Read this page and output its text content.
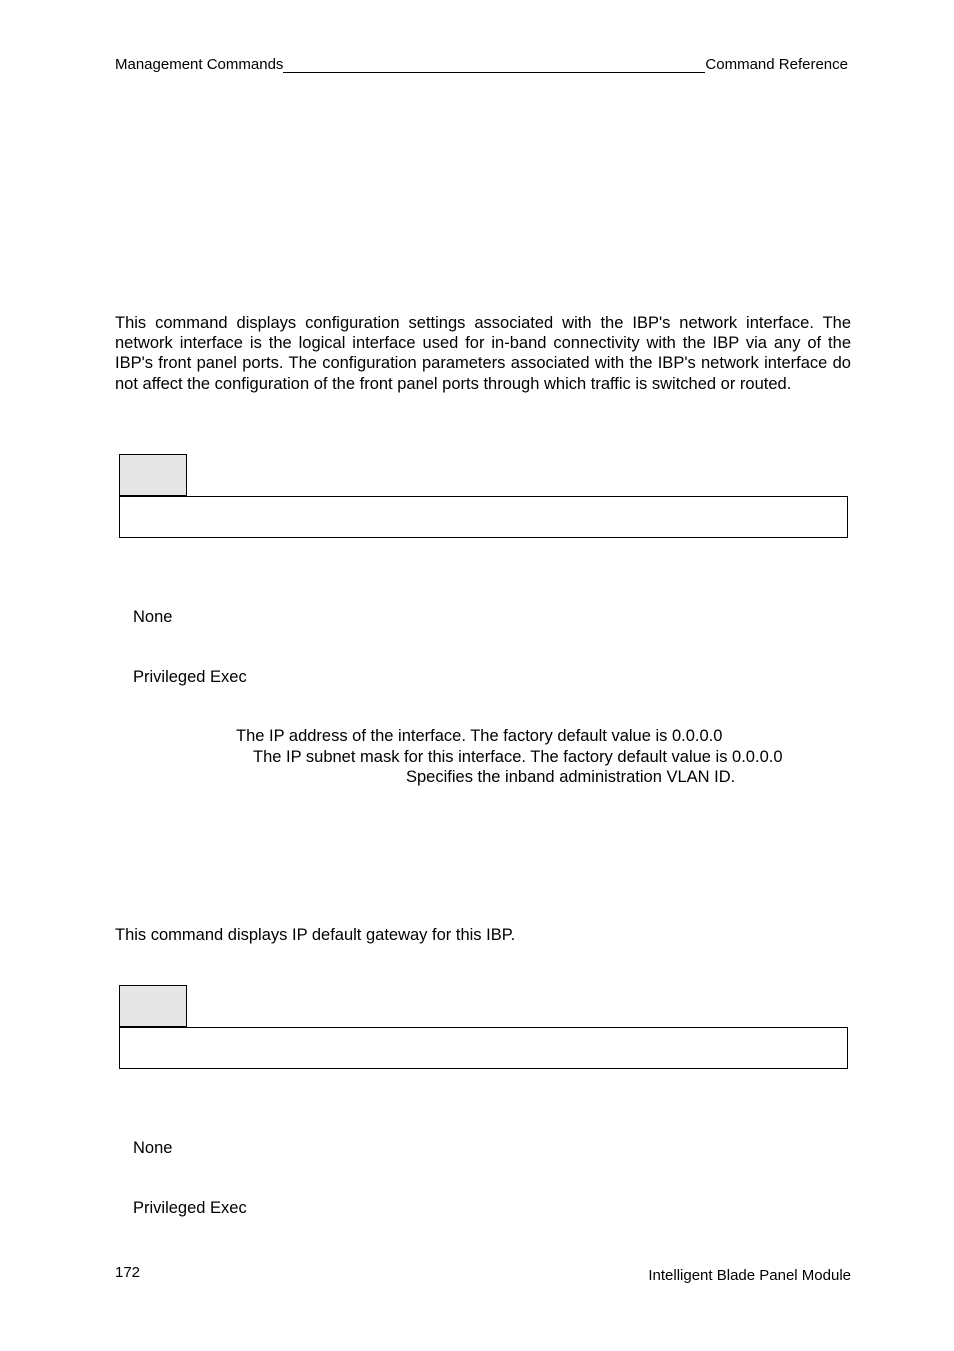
Management Commands	Command Reference

This command displays configuration settings associated with the IBP's network interface. The network interface is the logical interface used for in-band connectivity with the IBP via any of the IBP's front panel ports. The configuration parameters associated with the IBP's network interface do not affect the configuration of the front panel ports through which traffic is switched or routed.

None

Privileged Exec

The IP address of the interface. The factory default value is 0.0.0.0

The IP subnet mask for this interface. The factory default value is 0.0.0.0

Specifies the inband administration VLAN ID.

This command displays IP default gateway for this IBP.

None

Privileged Exec

172	Intelligent Blade Panel Module
